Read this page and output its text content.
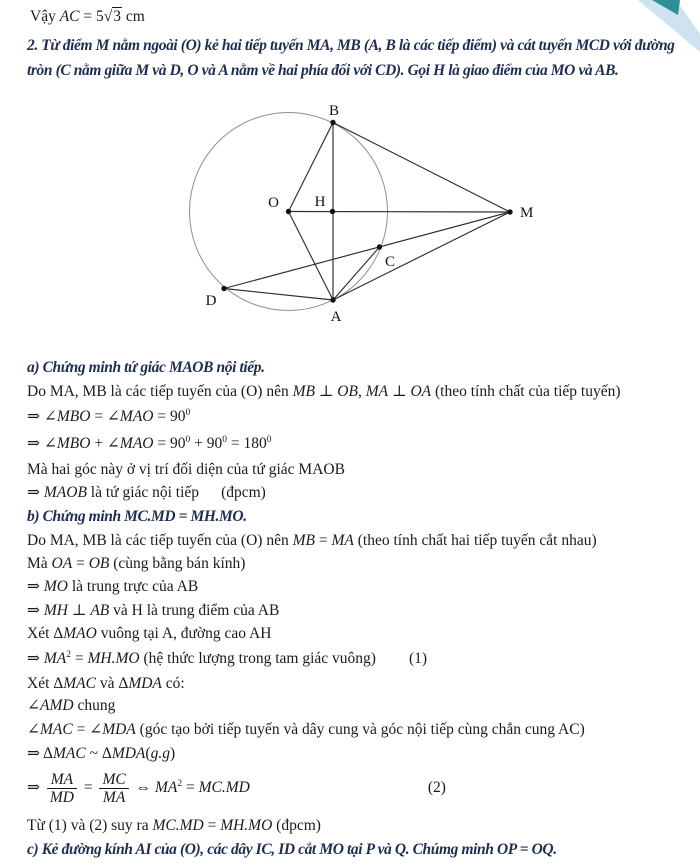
B
O H
M
C
D
A
Vậy AC = 5√3 cm
2. Từ điểm M nằm ngoài (O) kẻ hai tiếp tuyến MA, MB (A, B là các tiếp điểm) và cát tuyến MCD với đường
tròn (C nằm giữa M và D, O và A nằm về hai phía đối với CD). Gọi H là giao điểm của MO và AB.
a) Chứng minh tứ giác MAOB nội tiếp.
Do MA, MB là các tiếp tuyến của (O) nên MB ⊥ OB, MA ⊥ OA (theo tính chất của tiếp tuyến)
⇒ ∠MBO = ∠MAO = $90^0$
⇒ ∠MBO + ∠MAO = $90^0 + 90^0 = 180^0$
Mà hai góc này ở vị trí đối diện của tứ giác MAOB
⇒ MAOB là tứ giác nội tiếp (đpcm)
b) Chứng minh MC.MD = MH.MO.
Do MA, MB là các tiếp tuyến của (O) nên MB = MA (theo tính chất hai tiếp tuyến cắt nhau)
Mà OA = OB (cùng bằng bán kính)
⇒ MO là trung trực của AB
⇒ MH ⊥ AB và H là trung điểm của AB
Xét ΔMAO vuông tại A, đường cao AH
⇒ $MA^2 = MH.MO$ (hệ thức lượng trong tam giác vuông) (1)
Xét ΔMAC và ΔMDA có:
∠AMD chung
∠MAC = ∠MDA (góc tạo bởi tiếp tuyến và dây cung và góc nội tiếp cùng chắn cung AC)
⇒ ΔMAC ~ ΔMDA(g.g)
⇒ $\frac{MA}{MD} = \frac{MC}{MA}$ ⇔ $MA^2 = MC.MD$	(2)
Từ (1) và (2) suy ra MC.MD = MH.MO (đpcm)
c) Kẻ đường kính AI của (O), các dây IC, ID cắt MO tại P và Q. Chúmg minh OP = OQ.
